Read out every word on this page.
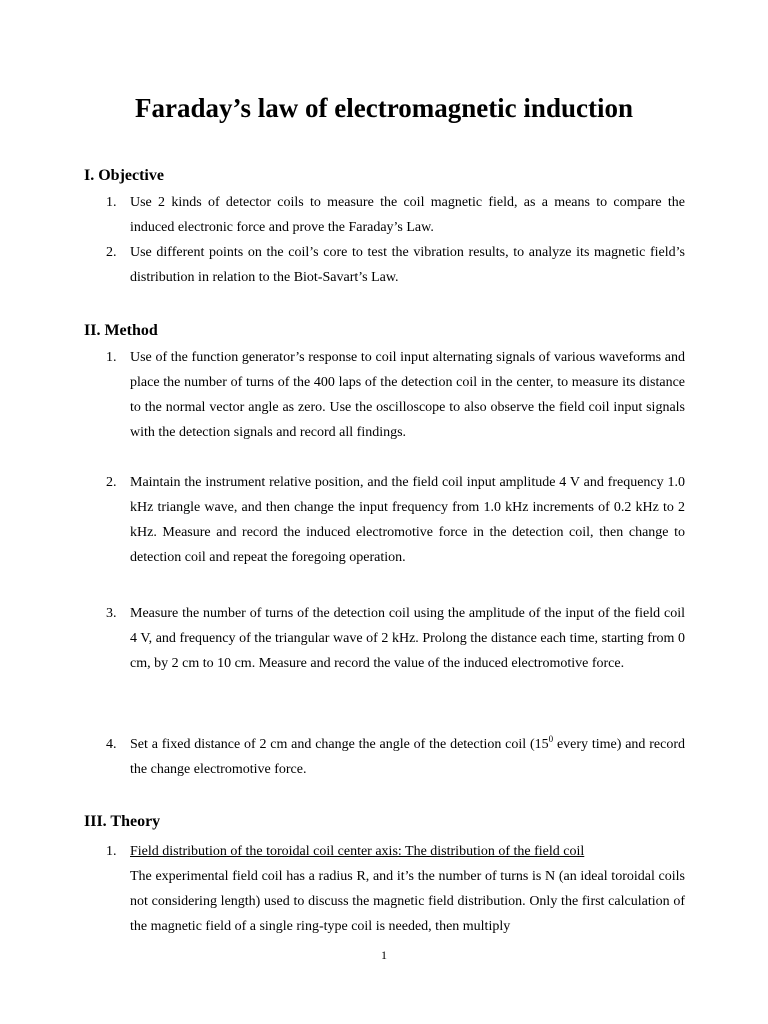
Faraday’s law of electromagnetic induction
I. Objective
1. Use 2 kinds of detector coils to measure the coil magnetic field, as a means to compare the induced electronic force and prove the Faraday’s Law.

2. Use different points on the coil’s core to test the vibration results, to analyze its magnetic field’s distribution in relation to the Biot-Savart’s Law.

II. Method
1. Use of the function generator’s response to coil input alternating signals of various waveforms and place the number of turns of the 400 laps of the detection coil in the center, to measure its distance to the normal vector angle as zero. Use the oscilloscope to also observe the field coil input signals with the detection signals and record all findings.

2. Maintain the instrument relative position, and the field coil input amplitude 4 V and frequency 1.0 kHz triangle wave, and then change the input frequency from 1.0 kHz increments of 0.2 kHz to 2 kHz. Measure and record the induced electromotive force in the detection coil, then change to detection coil and repeat the foregoing operation.

3. Measure the number of turns of the detection coil using the amplitude of the input of the field coil 4 V, and frequency of the triangular wave of 2 kHz. Prolong the distance each time, starting from 0 cm, by 2 cm to 10 cm. Measure and record the value of the induced electromotive force.

4. Set a fixed distance of 2 cm and change the angle of the detection coil ($15^0$ every time) and record the change electromotive force.

III. Theory
1. Field distribution of the toroidal coil center axis: The distribution of the field coil

The experimental field coil has a radius R, and it’s the number of turns is N (an ideal toroidal coils not considering length) used to discuss the magnetic field distribution. Only the first calculation of the magnetic field of a single ring-type coil is needed, then multiply

1
